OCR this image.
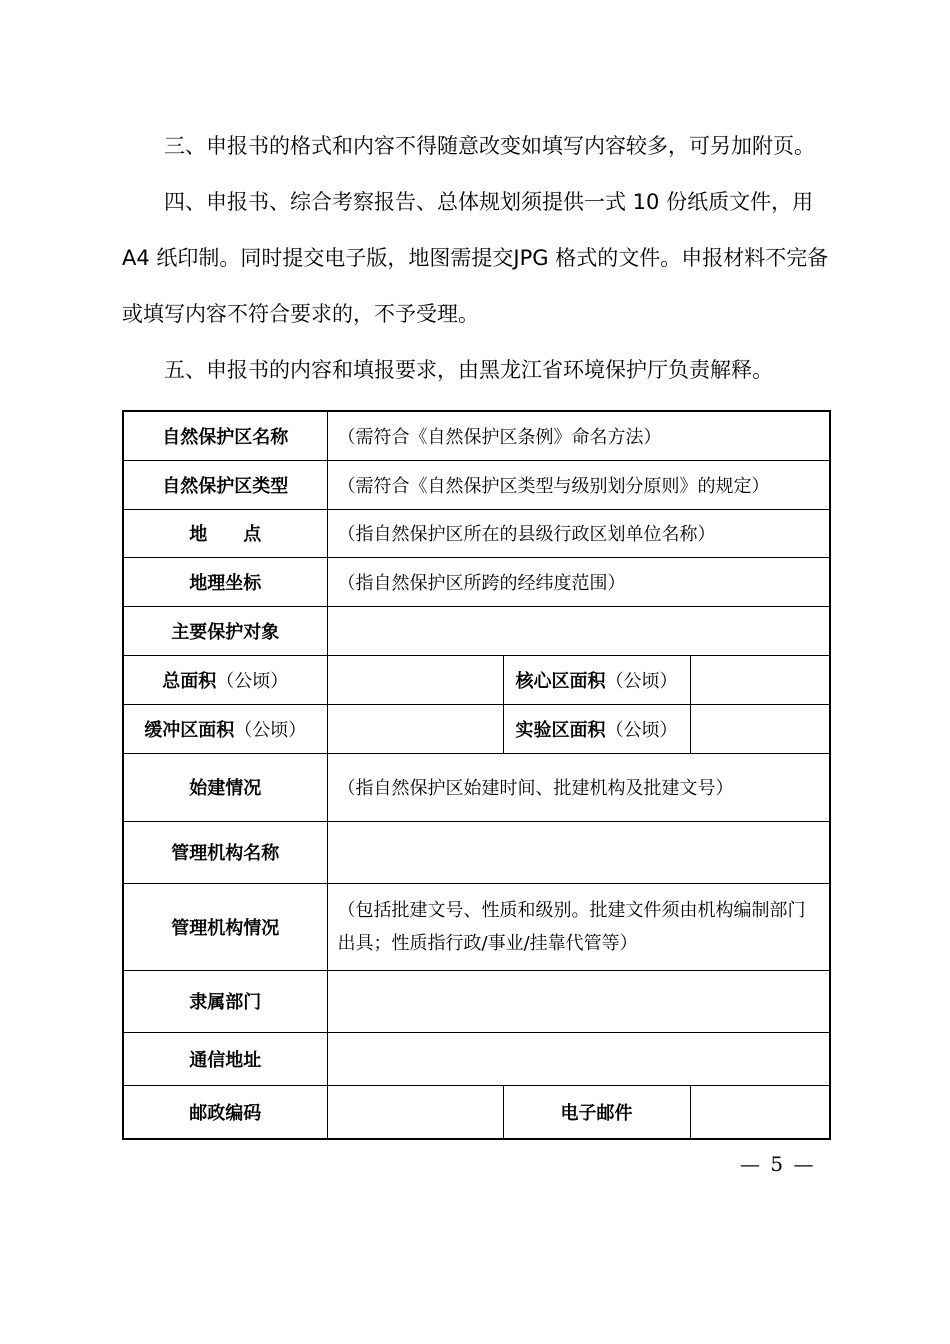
三、申报书的格式和内容不得随意改变如填写内容较多，可另加附页。

四、申报书、综合考察报告、总体规划须提供一式 10 份纸质文件，用 A4 纸印制。同时提交电子版，地图需提交JPG 格式的文件。申报材料不完备或填写内容不符合要求的，不予受理。

五、申报书的内容和填报要求，由黑龙江省环境保护厅负责解释。

自然保护区名称	（需符合《自然保护区条例》命名方法）		
自然保护区类型	（需符合《自然保护区类型与级别划分原则》的规定）		
地　　点	（指自然保护区所在的县级行政区划单位名称）		
地理坐标	（指自然保护区所跨的经纬度范围）		
主要保护对象			
总面积（公顷）		核心区面积（公顷）	
缓冲区面积（公顷）		实验区面积（公顷）	
始建情况	（指自然保护区始建时间、批建机构及批建文号）		
管理机构名称			
管理机构情况	（包括批建文号、性质和级别。批建文件须由机构编制部门出具；性质指行政/事业/挂靠代管等）		
隶属部门			
通信地址			
邮政编码		电子邮件	
— 5 —
